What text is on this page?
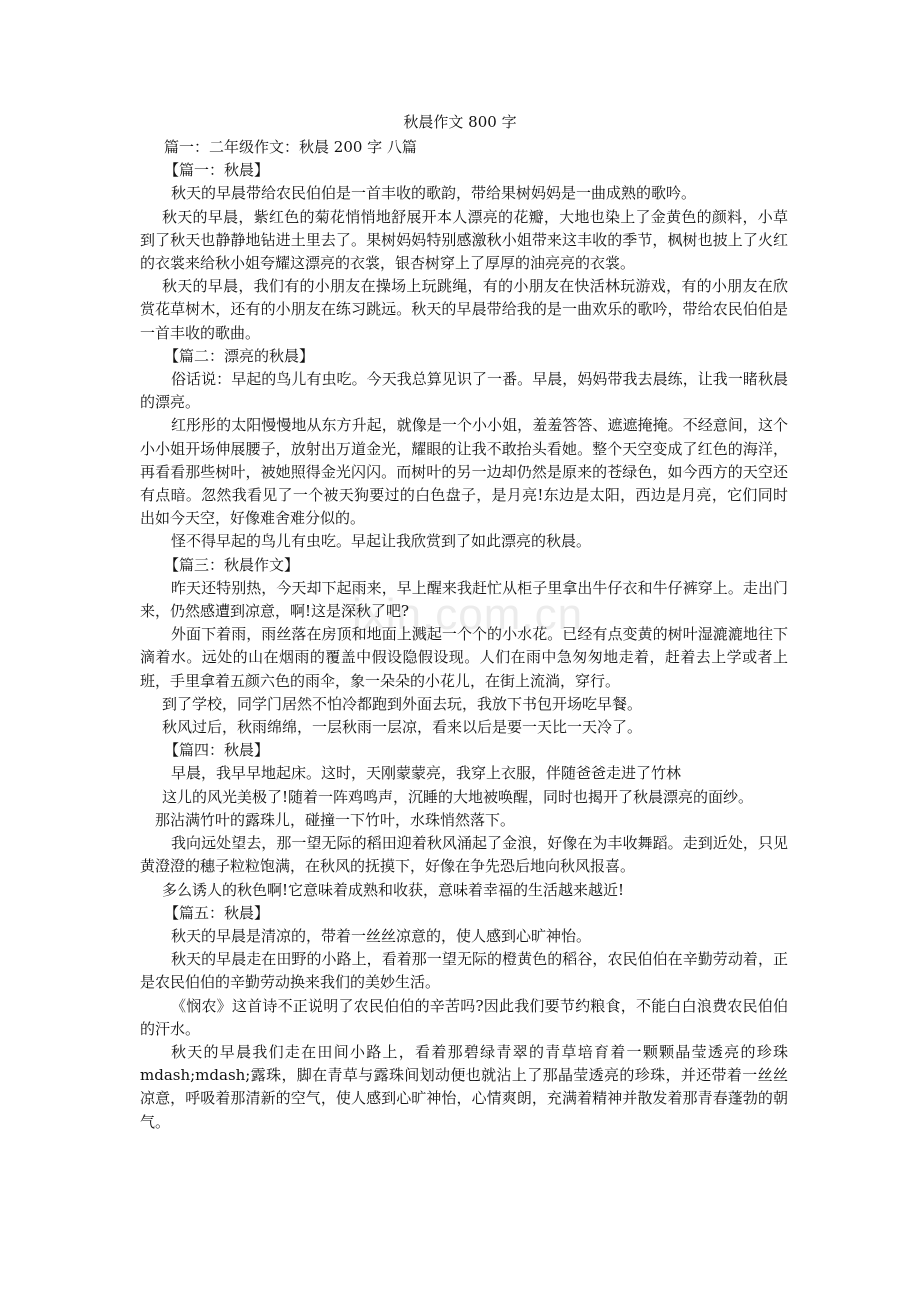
ixin.com.cn
秋晨作文 800 字

篇一：二年级作文：秋晨 200 字 八篇

【篇一：秋晨】

秋天的早晨带给农民伯伯是一首丰收的歌韵，带给果树妈妈是一曲成熟的歌吟。

秋天的早晨，紫红色的菊花悄悄地舒展开本人漂亮的花瓣，大地也染上了金黄色的颜料，小草到了秋天也静静地钻进土里去了。果树妈妈特别感激秋小姐带来这丰收的季节，枫树也披上了火红的衣裳来给秋小姐夸耀这漂亮的衣裳，银杏树穿上了厚厚的油亮亮的衣裳。

秋天的早晨，我们有的小朋友在操场上玩跳绳，有的小朋友在快活林玩游戏，有的小朋友在欣赏花草树木，还有的小朋友在练习跳远。秋天的早晨带给我的是一曲欢乐的歌吟，带给农民伯伯是一首丰收的歌曲。

【篇二：漂亮的秋晨】

俗话说：早起的鸟儿有虫吃。今天我总算见识了一番。早晨，妈妈带我去晨练，让我一睹秋晨的漂亮。

红彤彤的太阳慢慢地从东方升起，就像是一个小小姐，羞羞答答、遮遮掩掩。不经意间，这个小小姐开场伸展腰子，放射出万道金光，耀眼的让我不敢抬头看她。整个天空变成了红色的海洋，再看看那些树叶，被她照得金光闪闪。而树叶的另一边却仍然是原来的苍绿色，如今西方的天空还有点暗。忽然我看见了一个被天狗要过的白色盘子，是月亮!东边是太阳，西边是月亮，它们同时出如今天空，好像难舍难分似的。

怪不得早起的鸟儿有虫吃。早起让我欣赏到了如此漂亮的秋晨。

【篇三：秋晨作文】

昨天还特别热，今天却下起雨来，早上醒来我赶忙从柜子里拿出牛仔衣和牛仔裤穿上。走出门来，仍然感遭到凉意，啊!这是深秋了吧?

外面下着雨，雨丝落在房顶和地面上溅起一个个的小水花。已经有点变黄的树叶湿漉漉地往下滴着水。远处的山在烟雨的覆盖中假设隐假设现。人们在雨中急匆匆地走着，赶着去上学或者上班，手里拿着五颜六色的雨伞，象一朵朵的小花儿，在街上流淌，穿行。

到了学校，同学门居然不怕冷都跑到外面去玩，我放下书包开场吃早餐。

秋风过后，秋雨绵绵，一层秋雨一层凉，看来以后是要一天比一天冷了。

【篇四：秋晨】

早晨，我早早地起床。这时，天刚蒙蒙亮，我穿上衣服，伴随爸爸走进了竹林

这儿的风光美极了!随着一阵鸡鸣声，沉睡的大地被唤醒，同时也揭开了秋晨漂亮的面纱。

那沾满竹叶的露珠儿，碰撞一下竹叶，水珠悄然落下。

我向远处望去，那一望无际的稻田迎着秋风涌起了金浪，好像在为丰收舞蹈。走到近处，只见黄澄澄的穗子粒粒饱满，在秋风的抚摸下，好像在争先恐后地向秋风报喜。

多么诱人的秋色啊!它意味着成熟和收获，意味着幸福的生活越来越近!

【篇五：秋晨】

秋天的早晨是清凉的，带着一丝丝凉意的，使人感到心旷神怡。

秋天的早晨走在田野的小路上，看着那一望无际的橙黄色的稻谷，农民伯伯在辛勤劳动着，正是农民伯伯的辛勤劳动换来我们的美妙生活。

《悯农》这首诗不正说明了农民伯伯的辛苦吗?因此我们要节约粮食，不能白白浪费农民伯伯的汗水。

秋天的早晨我们走在田间小路上，看着那碧绿青翠的青草培育着一颗颗晶莹透亮的珍珠mdash;mdash;露珠，脚在青草与露珠间划动便也就沾上了那晶莹透亮的珍珠，并还带着一丝丝凉意，呼吸着那清新的空气，使人感到心旷神怡，心情爽朗，充满着精神并散发着那青春蓬勃的朝气。
